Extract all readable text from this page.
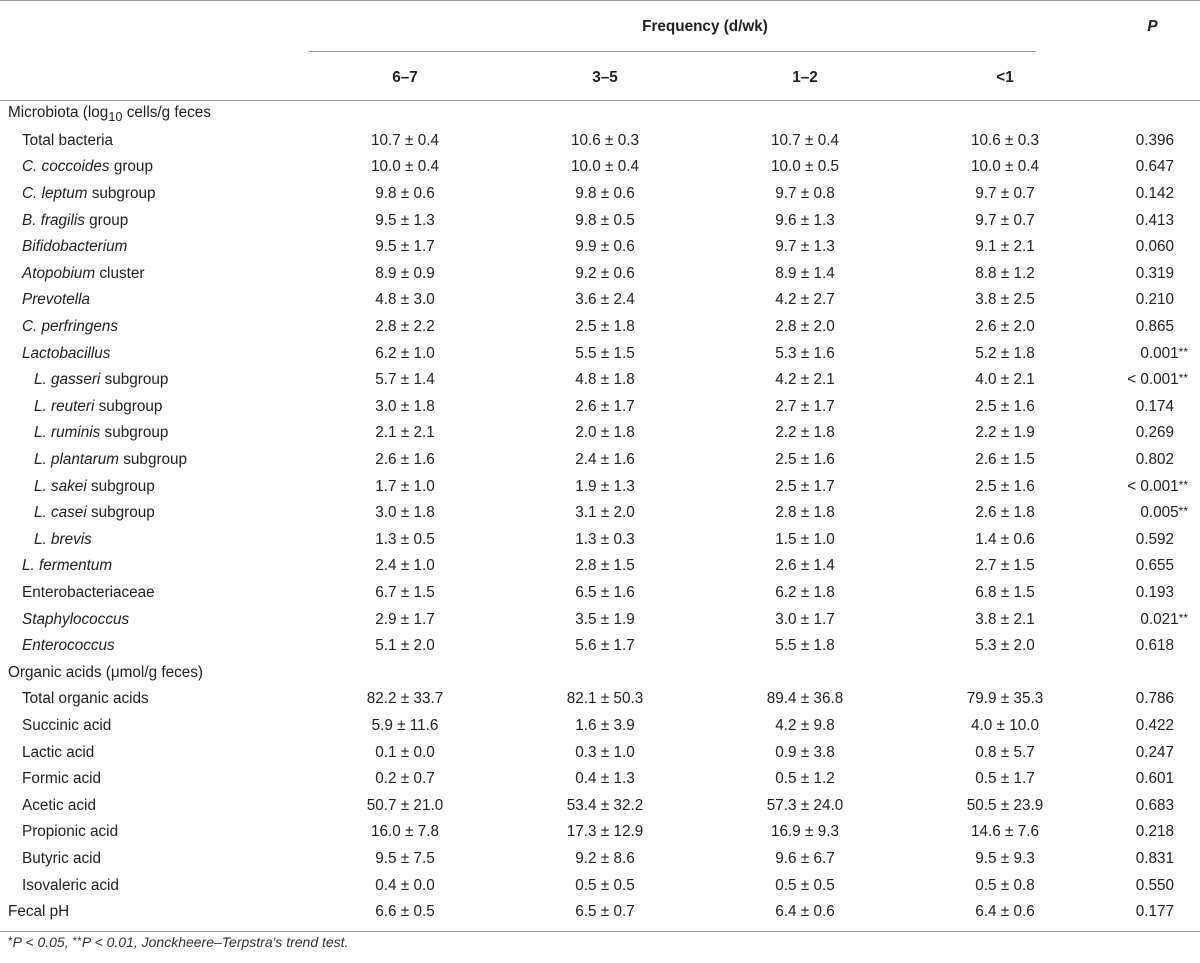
	Frequency (d/wk)				P

	6–7	3–5	1–2	<1	

Microbiota ($\log_{10}$ cells/g feces					
Total bacteria	10.7 ± 0.4	10.6 ± 0.3	10.7 ± 0.4	10.6 ± 0.3	0.396
C. coccoides group	10.0 ± 0.4	10.0 ± 0.4	10.0 ± 0.5	10.0 ± 0.4	0.647
C. leptum subgroup	9.8 ± 0.6	9.8 ± 0.6	9.7 ± 0.8	9.7 ± 0.7	0.142
B. fragilis group	9.5 ± 1.3	9.8 ± 0.5	9.6 ± 1.3	9.7 ± 0.7	0.413
Bifidobacterium	9.5 ± 1.7	9.9 ± 0.6	9.7 ± 1.3	9.1 ± 2.1	0.060
Atopobium cluster	8.9 ± 0.9	9.2 ± 0.6	8.9 ± 1.4	8.8 ± 1.2	0.319
Prevotella	4.8 ± 3.0	3.6 ± 2.4	4.2 ± 2.7	3.8 ± 2.5	0.210
C. perfringens	2.8 ± 2.2	2.5 ± 1.8	2.8 ± 2.0	2.6 ± 2.0	0.865
Lactobacillus	6.2 ± 1.0	5.5 ± 1.5	5.3 ± 1.6	5.2 ± 1.8	0.001**
L. gasseri subgroup	5.7 ± 1.4	4.8 ± 1.8	4.2 ± 2.1	4.0 ± 2.1	< 0.001**
L. reuteri subgroup	3.0 ± 1.8	2.6 ± 1.7	2.7 ± 1.7	2.5 ± 1.6	0.174
L. ruminis subgroup	2.1 ± 2.1	2.0 ± 1.8	2.2 ± 1.8	2.2 ± 1.9	0.269
L. plantarum subgroup	2.6 ± 1.6	2.4 ± 1.6	2.5 ± 1.6	2.6 ± 1.5	0.802
L. sakei subgroup	1.7 ± 1.0	1.9 ± 1.3	2.5 ± 1.7	2.5 ± 1.6	< 0.001**
L. casei subgroup	3.0 ± 1.8	3.1 ± 2.0	2.8 ± 1.8	2.6 ± 1.8	0.005**
L. brevis	1.3 ± 0.5	1.3 ± 0.3	1.5 ± 1.0	1.4 ± 0.6	0.592
L. fermentum	2.4 ± 1.0	2.8 ± 1.5	2.6 ± 1.4	2.7 ± 1.5	0.655
Enterobacteriaceae	6.7 ± 1.5	6.5 ± 1.6	6.2 ± 1.8	6.8 ± 1.5	0.193
Staphylococcus	2.9 ± 1.7	3.5 ± 1.9	3.0 ± 1.7	3.8 ± 2.1	0.021**
Enterococcus	5.1 ± 2.0	5.6 ± 1.7	5.5 ± 1.8	5.3 ± 2.0	0.618
Organic acids (μmol/g feces)					
Total organic acids	82.2 ± 33.7	82.1 ± 50.3	89.4 ± 36.8	79.9 ± 35.3	0.786
Succinic acid	5.9 ± 11.6	1.6 ± 3.9	4.2 ± 9.8	4.0 ± 10.0	0.422
Lactic acid	0.1 ± 0.0	0.3 ± 1.0	0.9 ± 3.8	0.8 ± 5.7	0.247
Formic acid	0.2 ± 0.7	0.4 ± 1.3	0.5 ± 1.2	0.5 ± 1.7	0.601
Acetic acid	50.7 ± 21.0	53.4 ± 32.2	57.3 ± 24.0	50.5 ± 23.9	0.683
Propionic acid	16.0 ± 7.8	17.3 ± 12.9	16.9 ± 9.3	14.6 ± 7.6	0.218
Butyric acid	9.5 ± 7.5	9.2 ± 8.6	9.6 ± 6.7	9.5 ± 9.3	0.831
Isovaleric acid	0.4 ± 0.0	0.5 ± 0.5	0.5 ± 0.5	0.5 ± 0.8	0.550
Fecal pH	6.6 ± 0.5	6.5 ± 0.7	6.4 ± 0.6	6.4 ± 0.6	0.177

*P < 0.05, **P < 0.01, Jonckheere–Terpstra's trend test.
